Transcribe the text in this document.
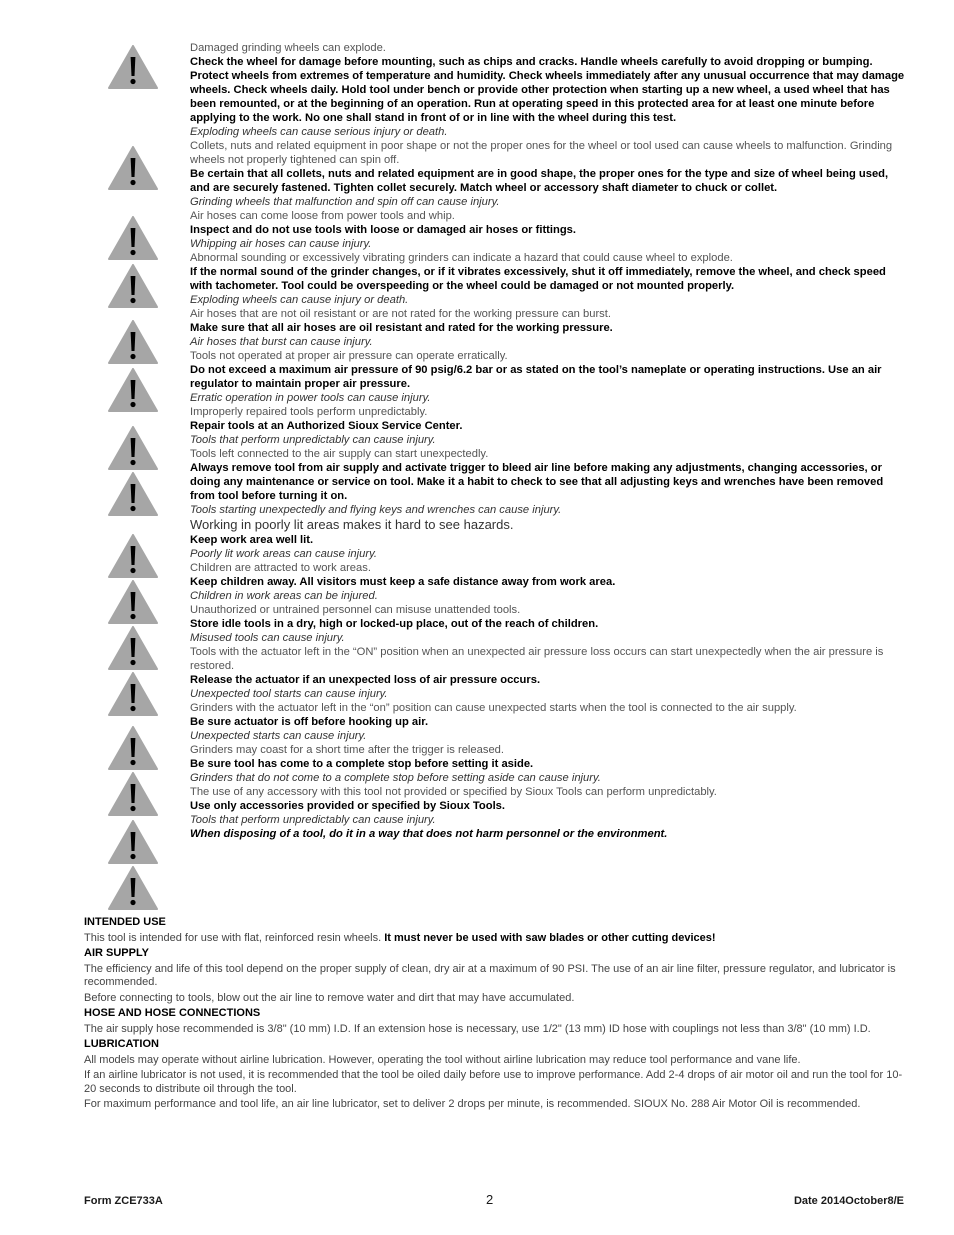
Damaged grinding wheels can explode.
Check the wheel for damage before mounting, such as chips and cracks. Handle wheels carefully to avoid dropping or bumping. Protect wheels from extremes of temperature and humidity. Check wheels immediately after any unusual occurrence that may damage wheels. Check wheels daily. Hold tool under bench or provide other protection when starting up a new wheel, a used wheel that has been remounted, or at the beginning of an operation. Run at operating speed in this protected area for at least one minute before applying to the work. No one shall stand in front of or in line with the wheel during this test.
Exploding wheels can cause serious injury or death.
Collets, nuts and related equipment in poor shape or not the proper ones for the wheel or tool used can cause wheels to malfunction. Grinding wheels not properly tightened can spin off.
Be certain that all collets, nuts and related equipment are in good shape, the proper ones for the type and size of wheel being used, and are securely fastened. Tighten collet securely. Match wheel or accessory shaft diameter to chuck or collet.
Grinding wheels that malfunction and spin off can cause injury.
Air hoses can come loose from power tools and whip.
Inspect and do not use tools with loose or damaged air hoses or fittings.
Whipping air hoses can cause injury.
Abnormal sounding or excessively vibrating grinders can indicate a hazard that could cause wheel to explode.
If the normal sound of the grinder changes, or if it vibrates excessively, shut it off immediately, remove the wheel, and check speed with tachometer. Tool could be overspeeding or the wheel could be damaged or not mounted properly.
Exploding wheels can cause injury or death.
Air hoses that are not oil resistant or are not rated for the working pressure can burst.
Make sure that all air hoses are oil resistant and rated for the working pressure.
Air hoses that burst can cause injury.
Tools not operated at proper air pressure can operate erratically.
Do not exceed a maximum air pressure of 90 psig/6.2 bar or as stated on the tool’s nameplate or operating instructions. Use an air regulator to maintain proper air pressure.
Erratic operation in power tools can cause injury.
Improperly repaired tools perform unpredictably.
Repair tools at an Authorized Sioux Service Center.
Tools that perform unpredictably can cause injury.
Tools left connected to the air supply can start unexpectedly.
Always remove tool from air supply and activate trigger to bleed air line before making any adjustments, changing accessories, or doing any maintenance or service on tool. Make it a habit to check to see that all adjusting keys and wrenches have been removed from tool before turning it on.
Tools starting unexpectedly and flying keys and wrenches can cause injury.
Working in poorly lit areas makes it hard to see hazards.
Keep work area well lit.
Poorly lit work areas can cause injury.
Children are attracted to work areas.
Keep children away. All visitors must keep a safe distance away from work area.
Children in work areas can be injured.
Unauthorized or untrained personnel can misuse unattended tools.
Store idle tools in a dry, high or locked-up place, out of the reach of children.
Misused tools can cause injury.
Tools with the actuator left in the “ON” position when an unexpected air pressure loss occurs can start unexpectedly when the air pressure is restored.
Release the actuator if an unexpected loss of air pressure occurs.
Unexpected tool starts can cause injury.
Grinders with the actuator left in the “on” position can cause unexpected starts when the tool is connected to the air supply.
Be sure actuator is off before hooking up air.
Unexpected starts can cause injury.
Grinders may coast for a short time after the trigger is released.
Be sure tool has come to a complete stop before setting it aside.
Grinders that do not come to a complete stop before setting aside can cause injury.
The use of any accessory with this tool not provided or specified by Sioux Tools can perform unpredictably.
Use only accessories provided or specified by Sioux Tools.
Tools that perform unpredictably can cause injury.
When disposing of a tool, do it in a way that does not harm personnel or the environment.
INTENDED USE
This tool is intended for use with flat, reinforced resin wheels. It must never be used with saw blades or other cutting devices!
AIR SUPPLY
The efficiency and life of this tool depend on the proper supply of clean, dry air at a maximum of 90 PSI. The use of an air line filter, pressure regulator, and lubricator is recommended.
Before connecting to tools, blow out the air line to remove water and dirt that may have accumulated.
HOSE AND HOSE CONNECTIONS
The air supply hose recommended is 3/8" (10 mm) I.D. If an extension hose is necessary, use 1/2" (13 mm) ID hose with couplings not less than 3/8" (10 mm) I.D.
LUBRICATION
All models may operate without airline lubrication. However, operating the tool without airline lubrication may reduce tool performance and vane life.
If an airline lubricator is not used, it is recommended that the tool be oiled daily before use to improve performance. Add 2-4 drops of air motor oil and run the tool for 10-20 seconds to distribute oil through the tool.
For maximum performance and tool life, an air line lubricator, set to deliver 2 drops per minute, is recommended. SIOUX No. 288 Air Motor Oil is recommended.
Form ZCE733A	2	Date 2014October8/E
